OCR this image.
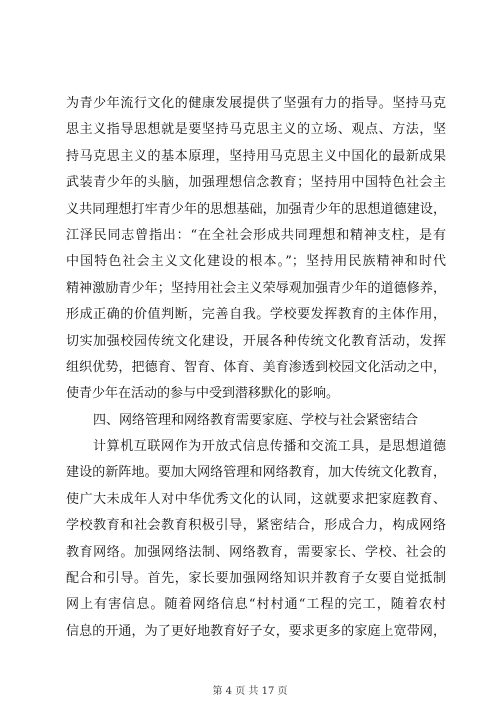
为青少年流行文化的健康发展提供了坚强有力的指导。坚持马克
思主义指导思想就是要坚持马克思主义的立场、观点、方法，坚
持马克思主义的基本原理，坚持用马克思主义中国化的最新成果
武装青少年的头脑，加强理想信念教育；坚持用中国特色社会主
义共同理想打牢青少年的思想基础，加强青少年的思想道德建设，
江泽民同志曾指出：“在全社会形成共同理想和精神支柱，是有
中国特色社会主义文化建设的根本。”；坚持用民族精神和时代
精神激励青少年；坚持用社会主义荣辱观加强青少年的道德修养，
形成正确的价值判断，完善自我。学校要发挥教育的主体作用，
切实加强校园传统文化建设，开展各种传统文化教育活动，发挥
组织优势，把德育、智育、体育、美育渗透到校园文化活动之中，
使青少年在活动的参与中受到潜移默化的影响。
四、网络管理和网络教育需要家庭、学校与社会紧密结合
计算机互联网作为开放式信息传播和交流工具，是思想道德
建设的新阵地。要加大网络管理和网络教育，加大传统文化教育，
使广大未成年人对中华优秀文化的认同，这就要求把家庭教育、
学校教育和社会教育积极引导，紧密结合，形成合力，构成网络
教育网络。加强网络法制、网络教育，需要家长、学校、社会的
配合和引导。首先，家长要加强网络知识并教育子女要自觉抵制
网上有害信息。随着网络信息“村村通“工程的完工，随着农村
信息的开通，为了更好地教育好子女，要求更多的家庭上宽带网，
第 4 页 共 17 页
